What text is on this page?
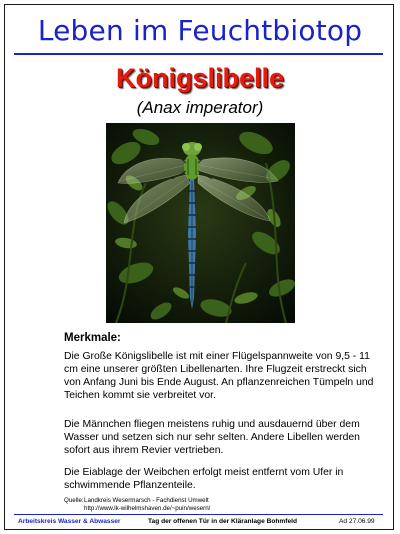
Leben im Feuchtbiotop
Königslibelle
(Anax imperator)
Merkmale:
Die Große Königslibelle ist mit einer Flügelspannweite von 9,5 - 11 cm eine unserer größten Libellenarten. Ihre Flugzeit erstreckt sich von Anfang Juni bis Ende August. An pflanzenreichen Tümpeln und Teichen kommt sie verbreitet vor.
Die Männchen fliegen meistens ruhig und ausdauernd über dem Wasser und setzen sich nur sehr selten. Andere Libellen werden sofort aus ihrem Revier vertrieben.
Die Eiablage der Weibchen erfolgt meist entfernt vom Ufer in schwimmende Pflanzenteile.
Quelle:Landkreis Wesermarsch - Fachdienst Umwelt
http://www.lk-wilhelmshaven.de/~puin/wesern/
Arbeitskreis Wasser & Abwasser	Tag der offenen Tür in der Kläranlage Bohmfeld	Ad 27.06.99
